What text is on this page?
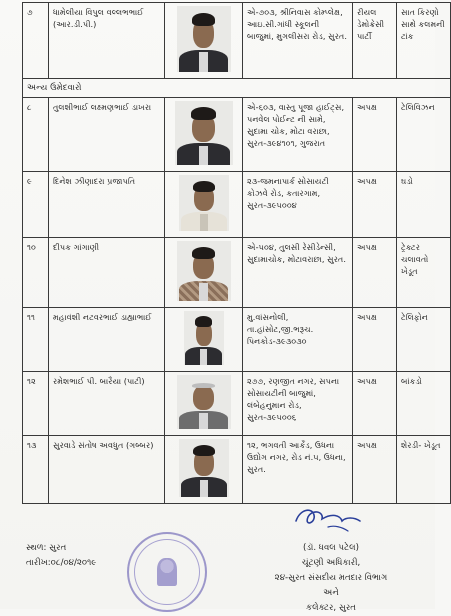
૭	ધામેલીયા વિપુલ વલ્લભભાઈ (આર.ડી.પી.)		એ-૭૦૩, શ્રીનિવાસ કોમ્પ્લેક્ષ, આઇ.સી.ગાંધી સ્કૂલની બાજુમાં, મુગલીસરા રોડ, સુરત.	રીયલ ડેમોક્રેસી પાર્ટી	સાત કિરણો સાથે કલમની ટાંક
અન્ય ઉમેદવારો					
૮	તુલશીભાઈ લક્ષ્મણભાઈ ડાખરા		એ-૬૦૩, વાસ્તુ પૂજા હાઈટ્સ, પનવેલ પોઈન્ટ ની સામે, સુદામા ચોક, મોટા વરાછા, સુરત-૩૯૪૧૦૧, ગુજરાત	અપક્ષ	ટેલિવિઝન
૯	દિનેશ ઝીણાદરા પ્રજાપતિ		૨૩-જમનાપાર્ક સોસાયટી કોઝવે રોડ, કતારગામ, સુરત-૩૯૫૦૦૪	અપક્ષ	ઘડો
૧૦	દીપક ગાંગાણી		એ-૫૦૪, તુલસી રેસીડેન્સી, સુદામાચોક, મોટાવરાછા, સુરત.	અપક્ષ	ટ્રેક્ટર ચલાવતો ખેડૂત
૧૧	મહાવંશી નટવરભાઈ ડાહ્યાભાઈ		મુ.વાંસનોલી, તા.હાંસોટ,જી.ભરૂચ. પિનકોડ-૩૯૩૦૩૦	અપક્ષ	ટેલિફોન
૧૨	રમેશભાઈ પી. બારૈયા (પાટી)		૨૭૭, રણજીત નગર, સપના સોસાયટીની બાજુમાં, લંબેહનુમાન રોડ, સુરત-૩૯૫૦૦૬	અપક્ષ	બાંકડો
૧૩	સુરવાડે સંતોષ અવધુત (ગબ્બર)		૧૨, ભગવતી આર્કેડ, ઉધના ઉદ્યોગ નગર, રોડ નં.૫, ઉધના, સુરત.	અપક્ષ	શેરડી- ખેડૂત
સ્થળ: સુરત
તારીખ:૦૮/૦૪/૨૦૧૯
(ડૉ. ધવલ પટેલ)
ચૂંટણી અધિકારી,
૨૪-સુરત સંસદીય મતદાર વિભાગ
અને
કલેક્ટર, સુરત
